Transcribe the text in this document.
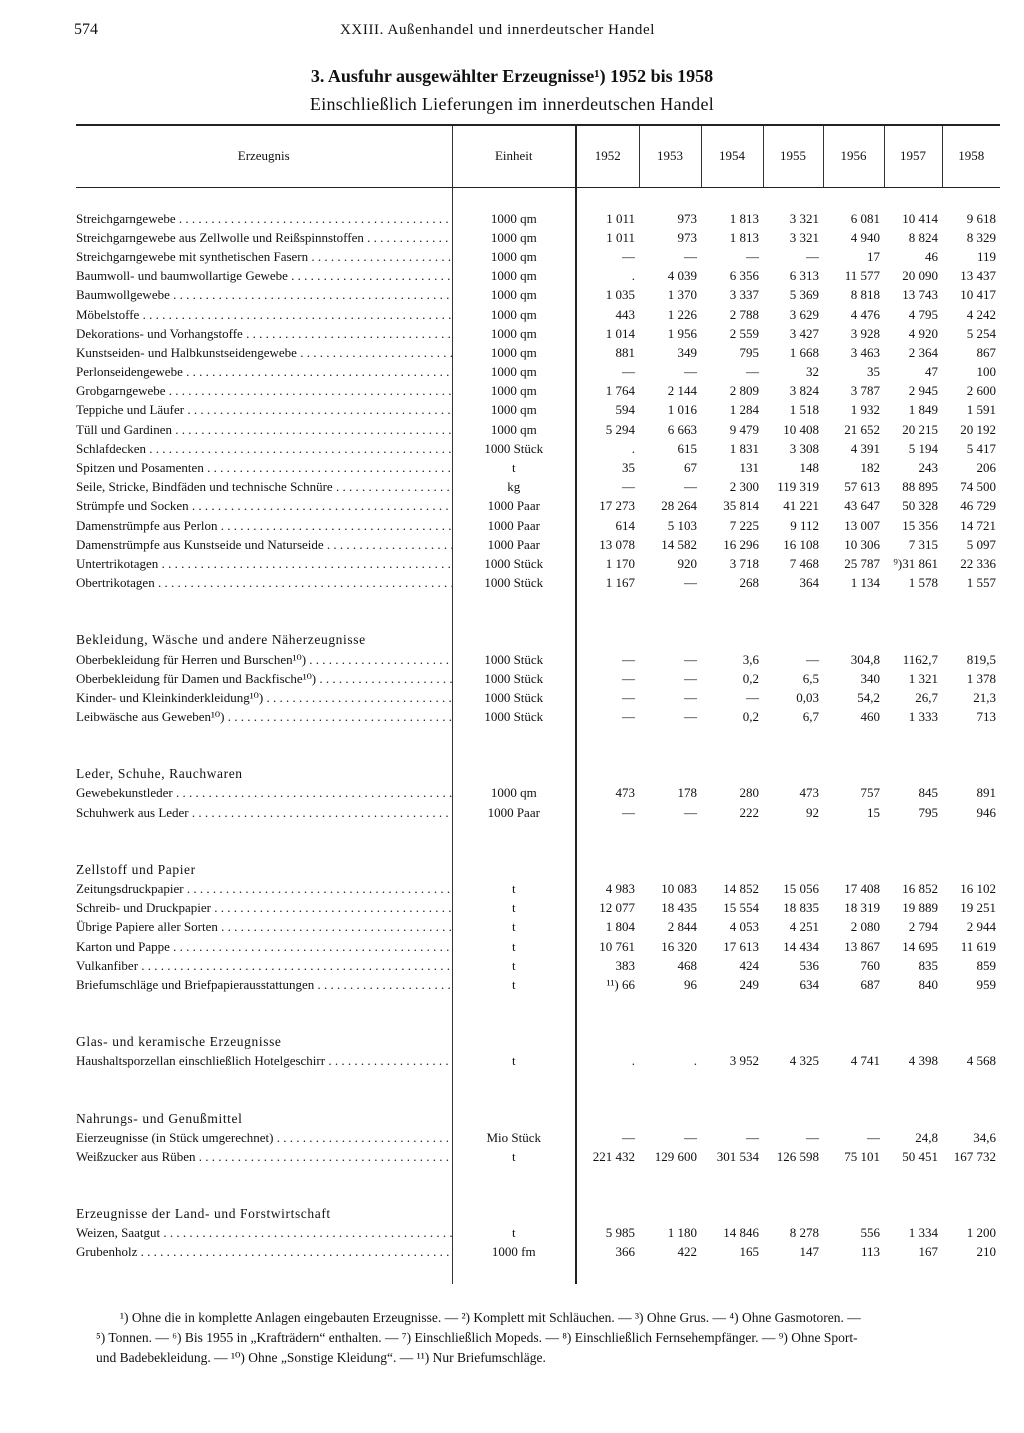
574	XXIII. Außenhandel und innerdeutscher Handel
3. Ausfuhr ausgewählter Erzeugnisse¹) 1952 bis 1958
Einschließlich Lieferungen im innerdeutschen Handel
Erzeugnis	Einheit	1952	1953	1954	1955	1956	1957	1958

Streichgarngewebe . . .	1000 qm	1 011	973	1 813	3 321	6 081	10 414	9 618
Streichgarngewebe aus Zellwolle und Reißspinnstoffen . . .	1000 qm	1 011	973	1 813	3 321	4 940	8 824	8 329
Streichgarngewebe mit synthetischen Fasern . . .	1000 qm	—	—	—	—	17	46	119
Baumwoll- und baumwollartige Gewebe . . .	1000 qm	.	4 039	6 356	6 313	11 577	20 090	13 437
Baumwollgewebe . . .	1000 qm	1 035	1 370	3 337	5 369	8 818	13 743	10 417
Möbelstoffe . . .	1000 qm	443	1 226	2 788	3 629	4 476	4 795	4 242
Dekorations- und Vorhangstoffe . . .	1000 qm	1 014	1 956	2 559	3 427	3 928	4 920	5 254
Kunstseiden- und Halbkunstseidengewebe . . .	1000 qm	881	349	795	1 668	3 463	2 364	867
Perlonseidengewebe . . .	1000 qm	—	—	—	32	35	47	100
Grobgarngewebe . . .	1000 qm	1 764	2 144	2 809	3 824	3 787	2 945	2 600
Teppiche und Läufer . . .	1000 qm	594	1 016	1 284	1 518	1 932	1 849	1 591
Tüll und Gardinen . . .	1000 qm	5 294	6 663	9 479	10 408	21 652	20 215	20 192
Schlafdecken . . .	1000 Stück	.	615	1 831	3 308	4 391	5 194	5 417
Spitzen und Posamenten . . .	t	35	67	131	148	182	243	206
Seile, Stricke, Bindfäden und technische Schnüre . . .	kg	—	—	2 300	119 319	57 613	88 895	74 500
Strümpfe und Socken . . .	1000 Paar	17 273	28 264	35 814	41 221	43 647	50 328	46 729
Damenstrümpfe aus Perlon . . .	1000 Paar	614	5 103	7 225	9 112	13 007	15 356	14 721
Damenstrümpfe aus Kunstseide und Naturseide . . .	1000 Paar	13 078	14 582	16 296	16 108	10 306	7 315	5 097
Untertrikotagen . . .	1000 Stück	1 170	920	3 718	7 468	25 787	⁹)31 861	22 336
Obertrikotagen . . .	1000 Stück	1 167	—	268	364	1 134	1 578	1 557

Bekleidung, Wäsche und andere Näherzeugnisse								
Oberbekleidung für Herren und Burschen¹⁰) . . .	1000 Stück	—	—	3,6	—	304,8	1162,7	819,5
Oberbekleidung für Damen und Backfische¹⁰) . . .	1000 Stück	—	—	0,2	6,5	340	1 321	1 378
Kinder- und Kleinkinderkleidung¹⁰) . . .	1000 Stück	—	—	—	0,03	54,2	26,7	21,3
Leibwäsche aus Geweben¹⁰) . . .	1000 Stück	—	—	0,2	6,7	460	1 333	713

Leder, Schuhe, Rauchwaren								
Gewebekunstleder . . .	1000 qm	473	178	280	473	757	845	891
Schuhwerk aus Leder . . .	1000 Paar	—	—	222	92	15	795	946

Zellstoff und Papier								
Zeitungsdruckpapier . . .	t	4 983	10 083	14 852	15 056	17 408	16 852	16 102
Schreib- und Druckpapier . . .	t	12 077	18 435	15 554	18 835	18 319	19 889	19 251
Übrige Papiere aller Sorten . . .	t	1 804	2 844	4 053	4 251	2 080	2 794	2 944
Karton und Pappe . . .	t	10 761	16 320	17 613	14 434	13 867	14 695	11 619
Vulkanfiber . . .	t	383	468	424	536	760	835	859
Briefumschläge und Briefpapierausstattungen . . .	t	¹¹) 66	96	249	634	687	840	959

Glas- und keramische Erzeugnisse								
Haushaltsporzellan einschließlich Hotelgeschirr . . .	t	.	.	3 952	4 325	4 741	4 398	4 568

Nahrungs- und Genußmittel								
Eierzeugnisse (in Stück umgerechnet) . . .	Mio Stück	—	—	—	—	—	24,8	34,6
Weißzucker aus Rüben . . .	t	221 432	129 600	301 534	126 598	75 101	50 451	167 732

Erzeugnisse der Land- und Forstwirtschaft								
Weizen, Saatgut . . .	t	5 985	1 180	14 846	8 278	556	1 334	1 200
Grubenholz . . .	1000 fm	366	422	165	147	113	167	210

¹) Ohne die in komplette Anlagen eingebauten Erzeugnisse. — ²) Komplett mit Schläuchen. — ³) Ohne Grus. — ⁴) Ohne Gasmotoren. —

⁵) Tonnen. — ⁶) Bis 1955 in „Krafträdern“ enthalten. — ⁷) Einschließlich Mopeds. — ⁸) Einschließlich Fernsehempfänger. — ⁹) Ohne Sport-

und Badebekleidung. — ¹⁰) Ohne „Sonstige Kleidung“. — ¹¹) Nur Briefumschläge.
